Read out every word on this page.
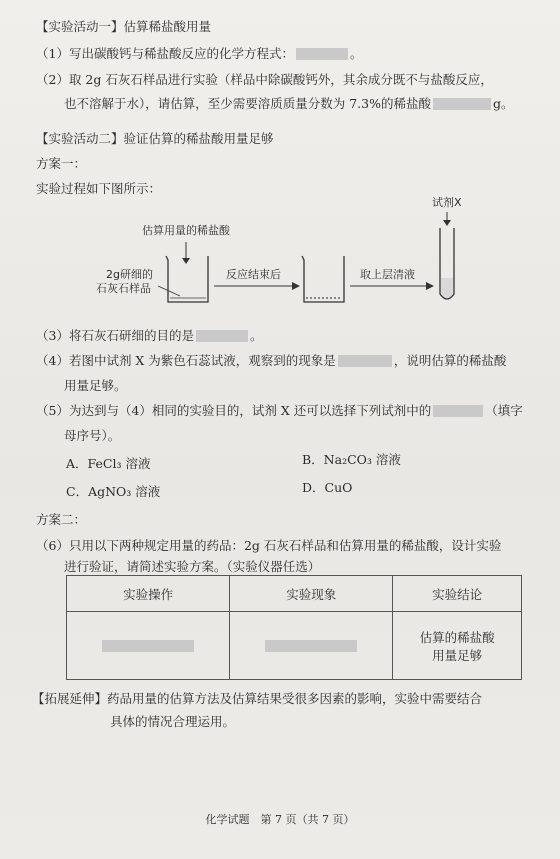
【实验活动一】估算稀盐酸用量
（1）写出碳酸钙与稀盐酸反应的化学方程式：	。
（2）取 2g 石灰石样品进行实验（样品中除碳酸钙外，其余成分既不与盐酸反应，
也不溶解于水），请估算，至少需要溶质质量分数为 7.3%的稀盐酸	g。
【实验活动二】验证估算的稀盐酸用量足够
方案一：
实验过程如下图所示：
估算用量的稀盐酸
2g研细的
石灰石样品
反应结束后	取上层清液
试剂X
（3）将石灰石研细的目的是	。
（4）若图中试剂 X 为紫色石蕊试液，观察到的现象是	，说明估算的稀盐酸
用量足够。
（5）为达到与（4）相同的实验目的，试剂 X 还可以选择下列试剂中的	（填字
母序号）。
A．FeCl₃ 溶液	B．Na₂CO₃ 溶液
C．AgNO₃ 溶液	D．CuO
方案二：
（6）只用以下两种规定用量的药品：2g 石灰石样品和估算用量的稀盐酸，设计实验
进行验证，请简述实验方案。（实验仪器任选）
实验操作	实验现象	实验结论

		估算的稀盐酸
用量足够
【拓展延伸】药品用量的估算方法及估算结果受很多因素的影响，实验中需要结合
具体的情况合理运用。
化学试题　第 7 页（共 7 页）
